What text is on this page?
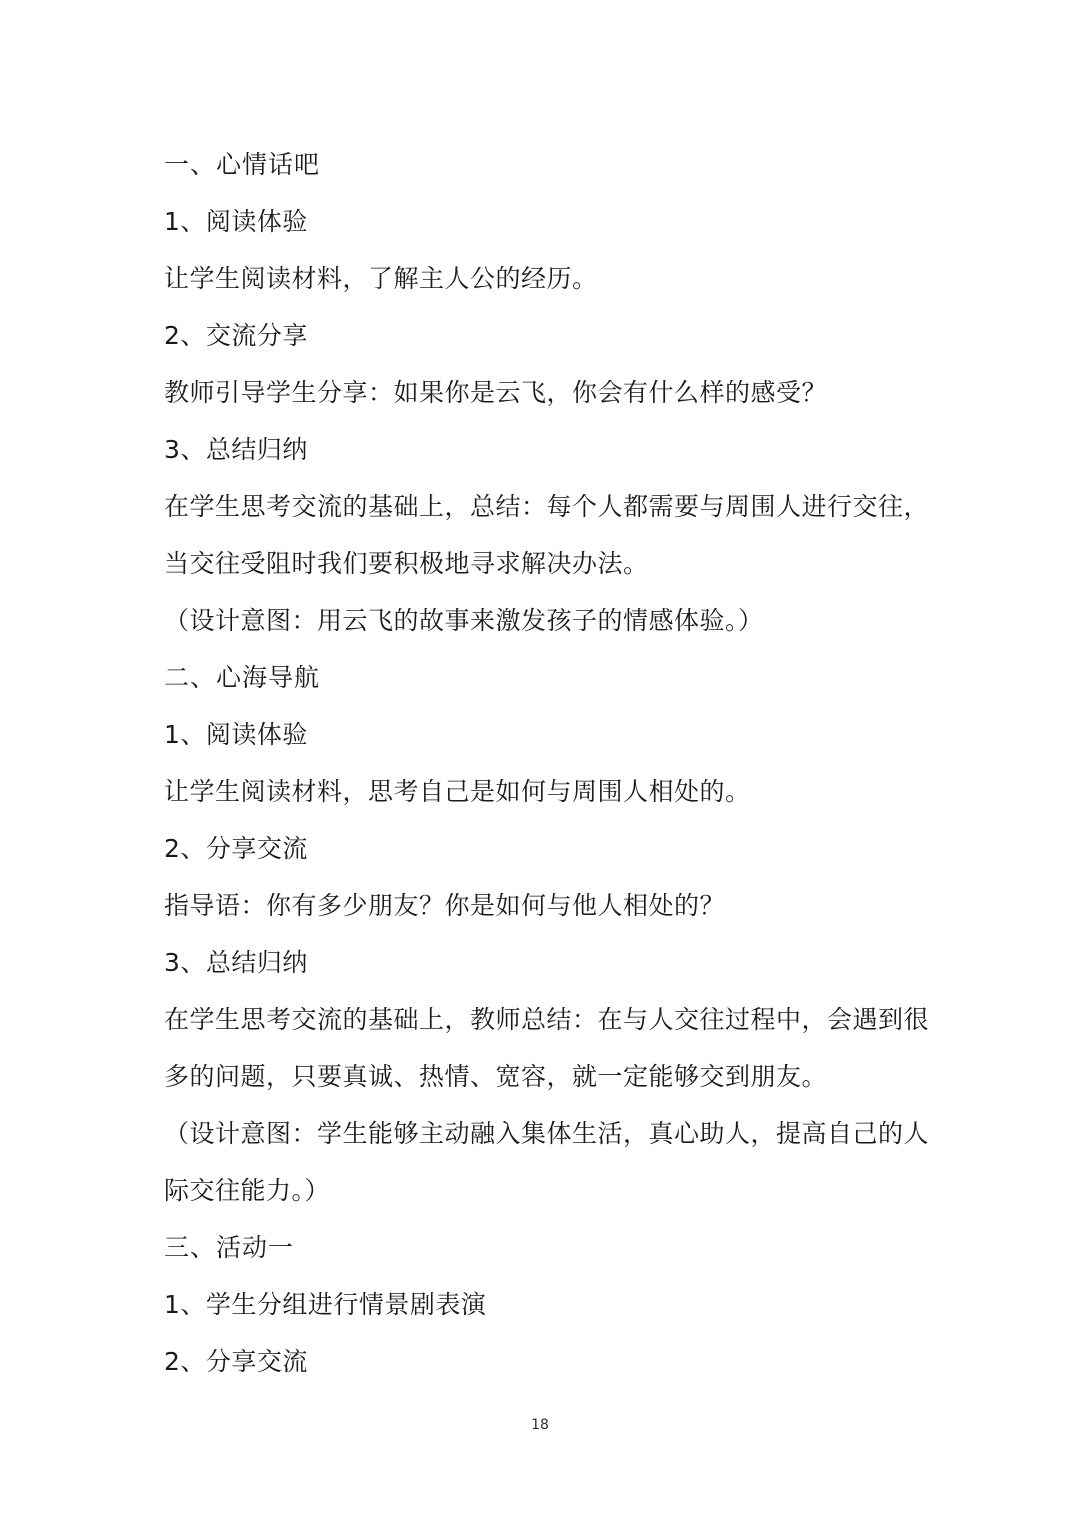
一、心情话吧
1、阅读体验
让学生阅读材料，了解主人公的经历。
2、交流分享
教师引导学生分享：如果你是云飞，你会有什么样的感受？
3、总结归纳
在学生思考交流的基础上，总结：每个人都需要与周围人进行交往，
当交往受阻时我们要积极地寻求解决办法。
（设计意图：用云飞的故事来激发孩子的情感体验。）
二、心海导航
1、阅读体验
让学生阅读材料，思考自己是如何与周围人相处的。
2、分享交流
指导语：你有多少朋友？你是如何与他人相处的？
3、总结归纳
在学生思考交流的基础上，教师总结：在与人交往过程中，会遇到很
多的问题，只要真诚、热情、宽容，就一定能够交到朋友。
（设计意图：学生能够主动融入集体生活，真心助人，提高自己的人
际交往能力。）
三、活动一
1、学生分组进行情景剧表演
2、分享交流
18
